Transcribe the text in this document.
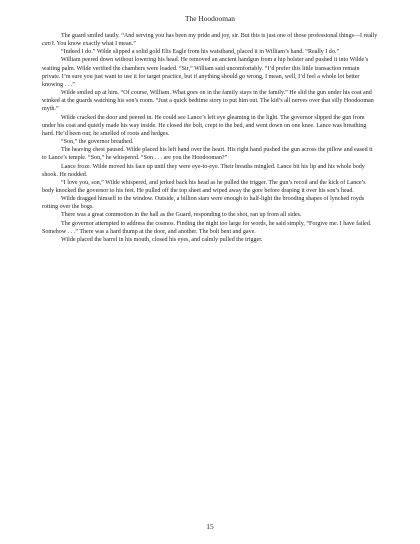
The Hoodooman

The guard smiled tautly. “And serving you has been my pride and joy, sir. But this is just one of those professional things—I really can’t. You know exactly what I mean.”

“Indeed I do.” Wilde slipped a solid gold Elis Eagle from his waistband, placed it in William’s hand. “Really I do.”

William peered down without lowering his head. He removed an ancient handgun from a hip holster and pushed it into Wilde’s waiting palm. Wilde verified the chambers were loaded. “Sir,” William said uncomfortably. “I’d prefer this little transaction remain private. I’m sure you just want to use it for target practice, but if anything should go wrong, I mean, well, I’d feel a whole lot better knowing . . .”

Wilde smiled up at him. “Of course, William. What goes on in the family stays in the family.” He slid the gun under his coat and winked at the guards watching his son’s room. “Just a quick bedtime story to put him out. The kid’s all nerves over that silly Hoodooman myth.”

Wilde cracked the door and peered in. He could see Lance’s left eye gleaming in the light. The governor slipped the gun from under his coat and quietly made his way inside. He closed the bolt, crept to the bed, and went down on one knee. Lance was breathing hard. He’d been out; he smelled of roots and hedges.

“Son,” the governor breathed.

The heaving chest paused. Wilde placed his left hand over the heart. His right hand pushed the gun across the pillow and eased it to Lance’s temple. “Son,” he whispered. “Son . . . are you the Hoodooman?”

Lance froze. Wilde moved his face up until they were eye-to-eye. Their breaths mingled. Lance bit his lip and his whole body shook. He nodded.

“I love you, son,” Wilde whispered, and jerked back his head as he pulled the trigger. The gun’s recoil and the kick of Lance’s body knocked the governor to his feet. He pulled off the top sheet and wiped away the gore before draping it over his son’s head.

Wilde dragged himself to the window. Outside, a billion stars were enough to half-light the brooding shapes of lynched royds rotting over the bogs.

There was a great commotion in the hall as the Guard, responding to the shot, ran up from all sides.

The governor attempted to address the cosmos. Finding the night too large for words, he said simply, “Forgive me. I have failed. Somehow . . .” There was a hard thump at the door, and another. The bolt bent and gave.

Wilde placed the barrel in his mouth, closed his eyes, and calmly pulled the trigger.

15
